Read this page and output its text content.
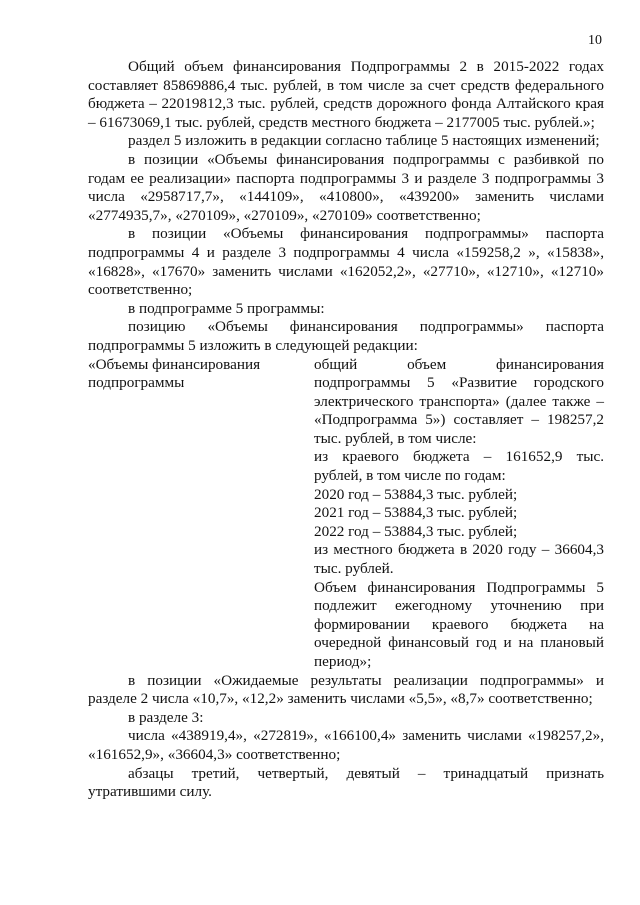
10

Общий объем финансирования Подпрограммы 2 в 2015-2022 годах составляет 85869886,4 тыс. рублей, в том числе за счет средств федерального бюджета – 22019812,3 тыс. рублей, средств дорожного фонда Алтайского края – 61673069,1 тыс. рублей, средств местного бюджета – 2177005 тыс. рублей.»;

раздел 5 изложить в редакции согласно таблице 5 настоящих изменений;

в позиции «Объемы финансирования подпрограммы с разбивкой по годам ее реализации» паспорта подпрограммы 3 и разделе 3 подпрограммы 3 числа «2958717,7», «144109», «410800», «439200» заменить числами «2774935,7», «270109», «270109», «270109» соответственно;

в позиции «Объемы финансирования подпрограммы» паспорта подпрограммы 4 и разделе 3 подпрограммы 4 числа «159258,2 », «15838», «16828», «17670» заменить числами «162052,2», «27710», «12710», «12710» соответственно;

в подпрограмме 5 программы:

позицию «Объемы финансирования подпрограммы» паспорта подпрограммы 5 изложить в следующей редакции:

«Объемы финансирования подпрограммы
общий объем финансирования подпрограммы 5 «Развитие городского электрического транспорта» (далее также – «Подпрограмма 5») составляет – 198257,2 тыс. рублей, в том числе:
из краевого бюджета – 161652,9 тыс. рублей, в том числе по годам:
2020 год – 53884,3 тыс. рублей;
2021 год – 53884,3 тыс. рублей;
2022 год – 53884,3 тыс. рублей;
из местного бюджета в 2020 году – 36604,3 тыс. рублей.
Объем финансирования Подпрограммы 5 подлежит ежегодному уточнению при формировании краевого бюджета на очередной финансовый год и на плановый период»;

в позиции «Ожидаемые результаты реализации подпрограммы» и разделе 2 числа «10,7», «12,2» заменить числами «5,5», «8,7» соответственно;

в разделе 3:

числа «438919,4», «272819», «166100,4» заменить числами «198257,2», «161652,9», «36604,3» соответственно;

абзацы третий, четвертый, девятый – тринадцатый признать утратившими силу.
